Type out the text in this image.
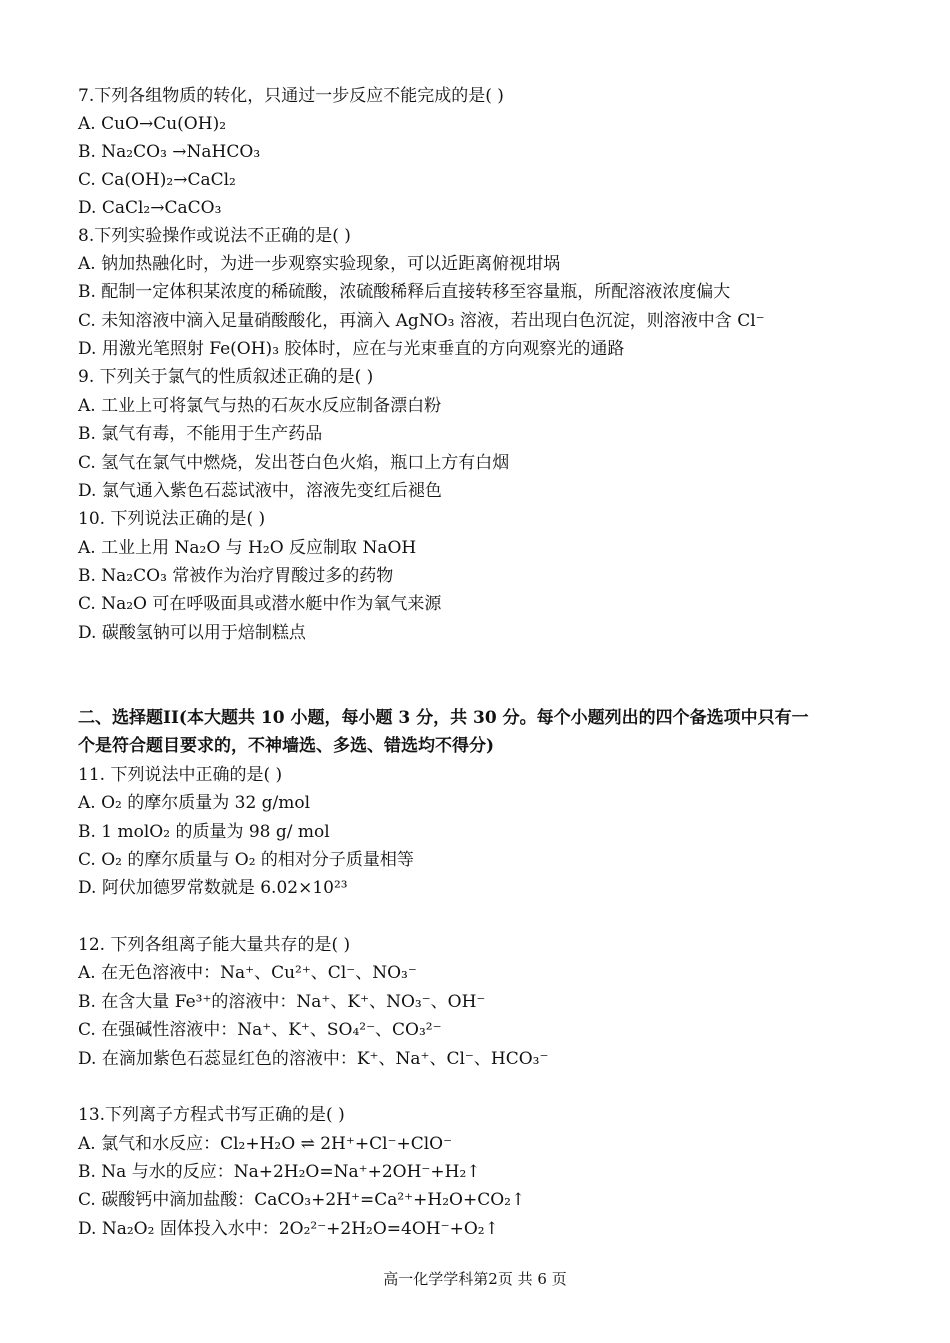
7.下列各组物质的转化，只通过一步反应不能完成的是( )
A. CuO→Cu(OH)₂
B. Na₂CO₃ →NaHCO₃
C. Ca(OH)₂→CaCl₂
D. CaCl₂→CaCO₃
8.下列实验操作或说法不正确的是( )
A. 钠加热融化时，为进一步观察实验现象，可以近距离俯视坩埚
B. 配制一定体积某浓度的稀硫酸，浓硫酸稀释后直接转移至容量瓶，所配溶液浓度偏大
C. 未知溶液中滴入足量硝酸酸化，再滴入 AgNO₃ 溶液，若出现白色沉淀，则溶液中含 Cl⁻
D. 用激光笔照射 Fe(OH)₃ 胶体时，应在与光束垂直的方向观察光的通路
9. 下列关于氯气的性质叙述正确的是( )
A. 工业上可将氯气与热的石灰水反应制备漂白粉
B. 氯气有毒，不能用于生产药品
C. 氢气在氯气中燃烧，发出苍白色火焰，瓶口上方有白烟
D. 氯气通入紫色石蕊试液中，溶液先变红后褪色
10. 下列说法正确的是( )
A. 工业上用 Na₂O 与 H₂O 反应制取 NaOH
B. Na₂CO₃ 常被作为治疗胃酸过多的药物
C. Na₂O 可在呼吸面具或潜水艇中作为氧气来源
D. 碳酸氢钠可以用于焙制糕点
11. 下列说法中正确的是( )
A. O₂ 的摩尔质量为 32 g/mol
B. 1 molO₂ 的质量为 98 g/ mol
C. O₂ 的摩尔质量与 O₂ 的相对分子质量相等
D. 阿伏加德罗常数就是 6.02×10²³
12. 下列各组离子能大量共存的是( )
A. 在无色溶液中：Na⁺、Cu²⁺、Cl⁻、NO₃⁻
B. 在含大量 Fe³⁺的溶液中：Na⁺、K⁺、NO₃⁻、OH⁻
C. 在强碱性溶液中：Na⁺、K⁺、SO₄²⁻、CO₃²⁻
D. 在滴加紫色石蕊显红色的溶液中：K⁺、Na⁺、Cl⁻、HCO₃⁻
13.下列离子方程式书写正确的是( )
A. 氯气和水反应：Cl₂+H₂O ⇌ 2H⁺+Cl⁻+ClO⁻
B. Na 与水的反应：Na+2H₂O=Na⁺+2OH⁻+H₂↑
C. 碳酸钙中滴加盐酸：CaCO₃+2H⁺=Ca²⁺+H₂O+CO₂↑
D. Na₂O₂ 固体投入水中：2O₂²⁻+2H₂O=4OH⁻+O₂↑
二、选择题II(本大题共 10 小题，每小题 3 分，共 30 分。每个小题列出的四个备选项中只有一
个是符合题目要求的，不神墙选、多选、错选均不得分)
高一化学学科第2页 共 6 页
